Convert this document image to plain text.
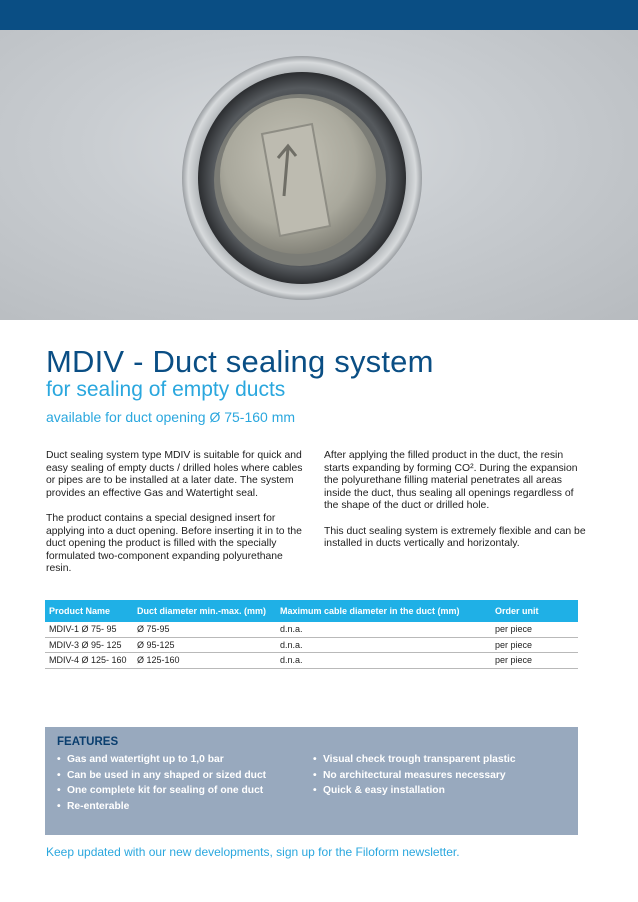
MDIV - Duct sealing system
for sealing of empty ducts
available for duct opening Ø 75-160 mm

Duct sealing system type MDIV is suitable for quick and easy sealing of empty ducts / drilled holes where cables or pipes are to be installed at a later date. The system provides an effective Gas and Watertight seal.

The product contains a special designed insert for applying into a duct opening. Before inserting it in to the duct opening the product is filled with the specially formulated two-component expanding polyurethane resin.

After applying the filled product in the duct, the resin starts expanding by forming CO². During the expansion the polyurethane filling material penetrates all areas inside the duct, thus sealing all openings regardless of the shape of the duct or drilled hole.

This duct sealing system is extremely flexible and can be installed in ducts vertically and horizontaly.

Product Name	Duct diameter min.-max. (mm)	Maximum cable diameter in the duct (mm)	Order unit
MDIV-1 Ø 75- 95	Ø 75-95	d.n.a.	per piece
MDIV-3 Ø 95- 125	Ø 95-125	d.n.a.	per piece
MDIV-4 Ø 125- 160	Ø 125-160	d.n.a.	per piece
FEATURES
• Gas and watertight up to 1,0 bar
• Can be used in any shaped or sized duct
• One complete kit for sealing of one duct
• Re-enterable
• Visual check trough transparent plastic
• No architectural measures necessary
• Quick & easy installation
Keep updated with our new developments, sign up for the Filoform newsletter.
